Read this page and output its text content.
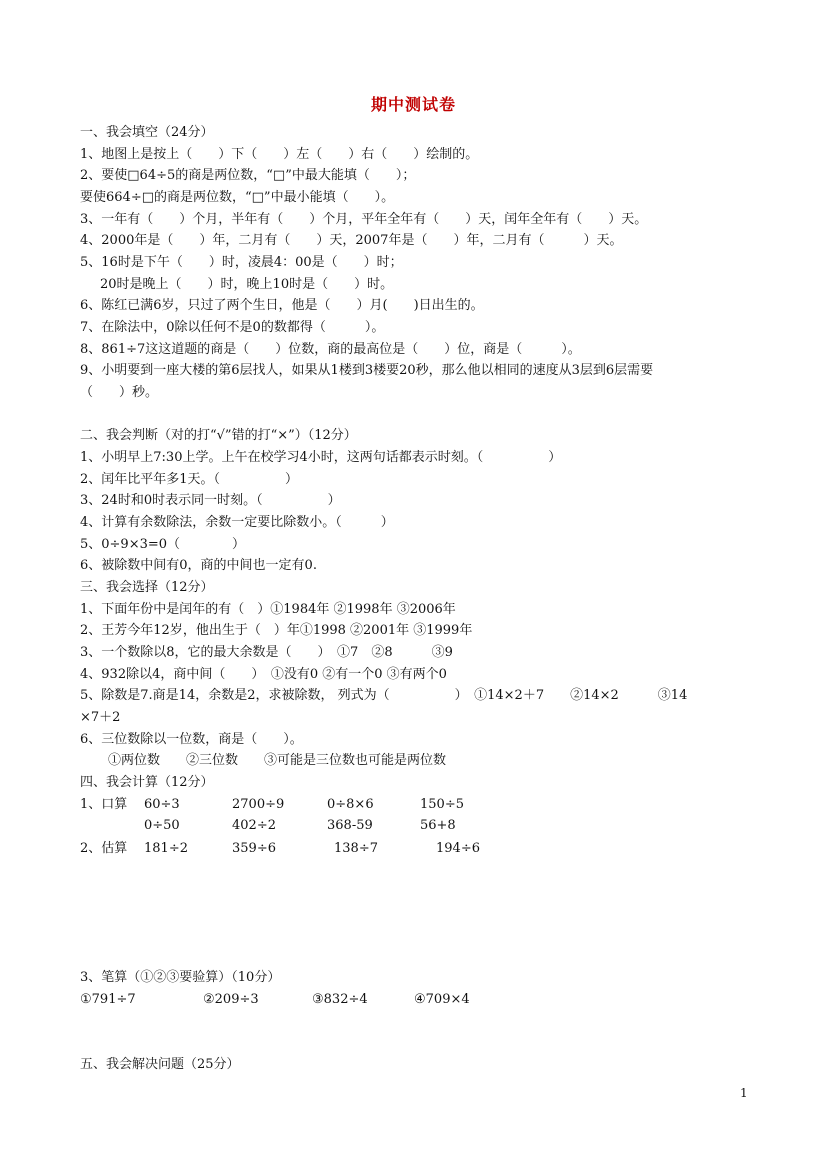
期中测试卷
一、我会填空（24分）
1、地图上是按上（　　）下（　　）左（　　）右（　　）绘制的。
2、要使□64÷5的商是两位数，“□”中最大能填（　　）；
要使664÷□的商是两位数，“□”中最小能填（　　）。
3、一年有（　　）个月，半年有（　　）个月，平年全年有（　　）天，闰年全年有（　　）天。
4、2000年是（　　）年，二月有（　　）天，2007年是（　　）年，二月有（　　　）天。
5、16时是下午（　　）时，凌晨4：00是（　　）时；
20时是晚上（　　）时，晚上10时是（　　）时。
6、陈红已满6岁，只过了两个生日，他是（　　）月(　　)日出生的。
7、在除法中，0除以任何不是0的数都得（　　　）。
8、861÷7这这道题的商是（　　）位数，商的最高位是（　　）位，商是（　　　）。
9、小明要到一座大楼的第6层找人，如果从1楼到3楼要20秒，那么他以相同的速度从3层到6层需要
（　　）秒。
二、我会判断（对的打“√”错的打“×”）（12分）
1、小明早上7:30上学。上午在校学习4小时，这两句话都表示时刻。（　　　　　）
2、闰年比平年多1天。（　　　　　）
3、24时和0时表示同一时刻。（　　　　　）
4、计算有余数除法，余数一定要比除数小。（　　　）
5、0÷9×3=0（　　　　）
6、被除数中间有0，商的中间也一定有0.
三、我会选择（12分）
1、下面年份中是闰年的有（　）①1984年 ②1998年 ③2006年
2、王芳今年12岁，他出生于（　）年①1998 ②2001年 ③1999年
3、一个数除以8，它的最大余数是（　　）　①7　②8　　　③9
4、932除以4，商中间（　　）　①没有0 ②有一个0 ③有两个0
5、除数是7.商是14，余数是2，求被除数， 列式为（　　　　　）　①14×2＋7　　②14×2　　　③14
×7＋2
6、三位数除以一位数，商是（　　）。
①两位数　　②三位数　　③可能是三位数也可能是两位数
四、我会计算（12分）
1、口算 60÷3	2700÷9	0÷8×6	150÷5
0÷50	402÷2	368-59	56+8
2、估算 181÷2	359÷6	138÷7	194÷6
3、笔算（①②③要验算）（10分）
①791÷7	②209÷3	③832÷4	④709×4
五、我会解决问题（25分）
1
